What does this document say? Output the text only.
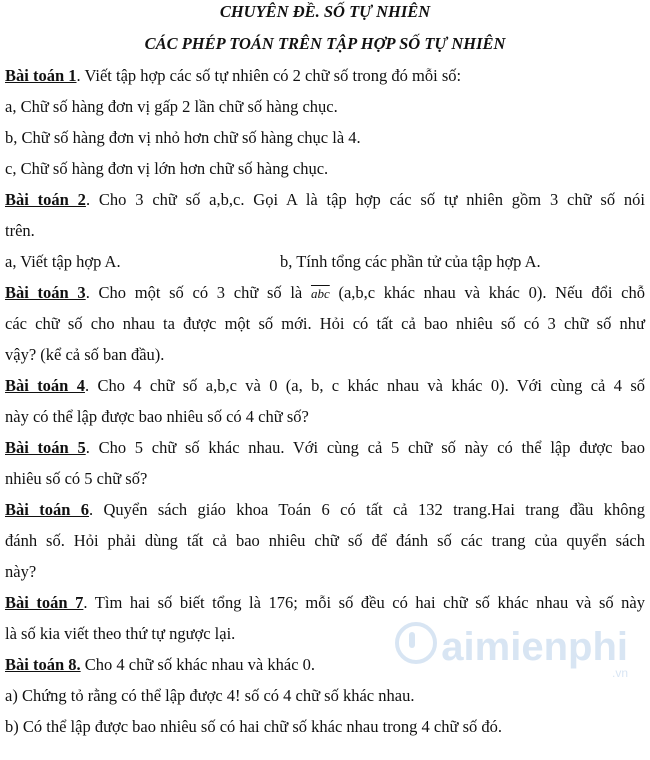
CHUYÊN ĐỀ. SỐ TỰ NHIÊN
CÁC PHÉP TOÁN TRÊN TẬP HỢP SỐ TỰ NHIÊN
Bài toán 1. Viết tập hợp các số tự nhiên có 2 chữ số trong đó mỗi số:
a, Chữ số hàng đơn vị gấp 2 lần chữ số hàng chục.
b, Chữ số hàng đơn vị nhỏ hơn chữ số hàng chục là 4.
c, Chữ số hàng đơn vị lớn hơn chữ số hàng chục.
Bài toán 2. Cho 3 chữ số a,b,c. Gọi A là tập hợp các số tự nhiên gồm 3 chữ số nói
trên.
a, Viết tập hợp A.	b, Tính tổng các phần tử của tập hợp A.
Bài toán 3. Cho một số có 3 chữ số là $\overline{abc}$ (a,b,c khác nhau và khác 0). Nếu đổi chỗ
các chữ số cho nhau ta được một số mới. Hỏi có tất cả bao nhiêu số có 3 chữ số như
vậy? (kể cả số ban đầu).
Bài toán 4. Cho 4 chữ số a,b,c và 0 (a, b, c khác nhau và khác 0). Với cùng cả 4 số
này có thể lập được bao nhiêu số có 4 chữ số?
Bài toán 5. Cho 5 chữ số khác nhau. Với cùng cả 5 chữ số này có thể lập được bao
nhiêu số có 5 chữ số?
Bài toán 6. Quyển sách giáo khoa Toán 6 có tất cả 132 trang.Hai trang đầu không
đánh số. Hỏi phải dùng tất cả bao nhiêu chữ số để đánh số các trang của quyển sách
này?
Bài toán 7. Tìm hai số biết tổng là 176; mỗi số đều có hai chữ số khác nhau và số này
là số kia viết theo thứ tự ngược lại.
Bài toán 8. Cho 4 chữ số khác nhau và khác 0.
a) Chứng tỏ rằng có thể lập được 4! số có 4 chữ số khác nhau.
b) Có thể lập được bao nhiêu số có hai chữ số khác nhau trong 4 chữ số đó.
aimienphi
.vn
